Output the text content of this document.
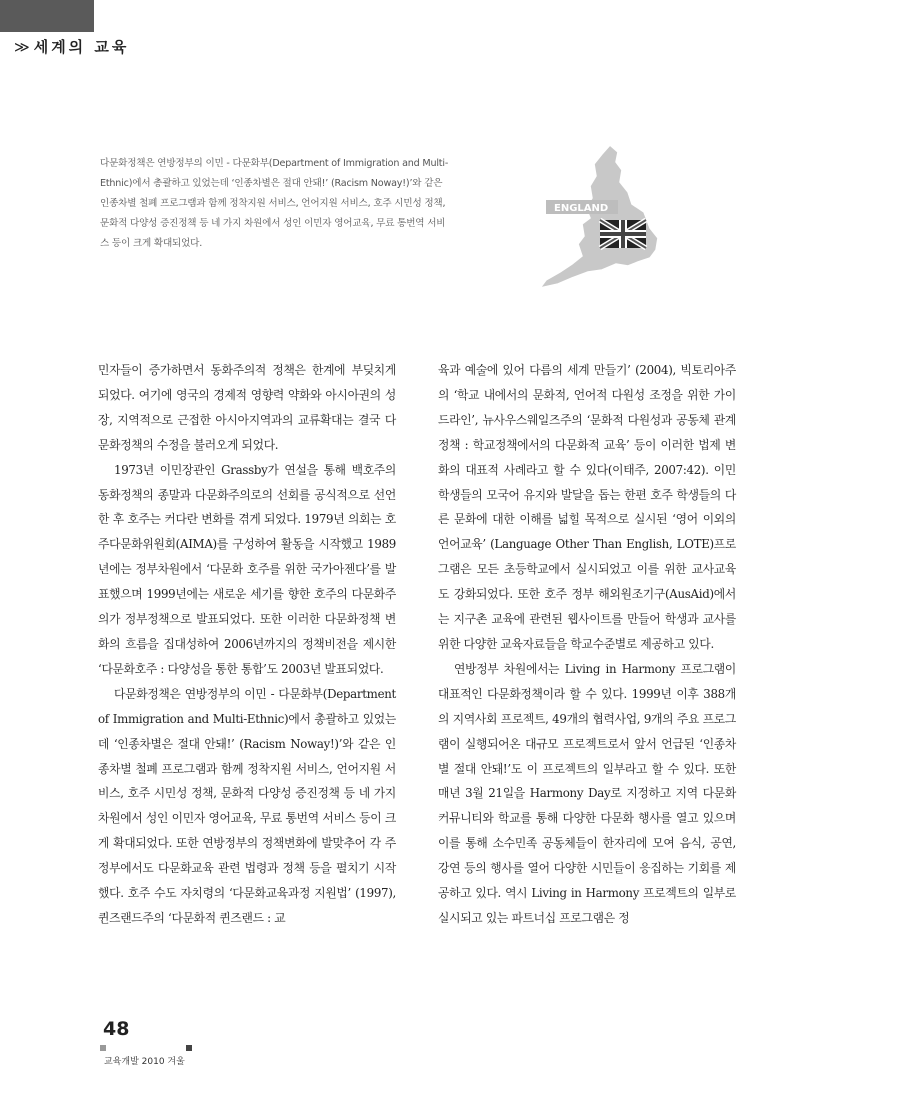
≫ 세계의 교육
다문화정책은 연방정부의 이민 - 다문화부(Department of Immigration and Multi-Ethnic)에서 총괄하고 있었는데 ‘인종차별은 절대 안돼!’ (Racism Noway!)’와 같은 인종차별 철폐 프로그램과 함께 정착지원 서비스, 언어지원 서비스, 호주 시민성 정책, 문화적 다양성 증진정책 등 네 가지 차원에서 성인 이민자 영어교육, 무료 통번역 서비스 등이 크게 확대되었다.
ENGLAND

민자들이 증가하면서 동화주의적 정책은 한계에 부딪치게 되었다. 여기에 영국의 경제적 영향력 약화와 아시아권의 성장, 지역적으로 근접한 아시아지역과의 교류확대는 결국 다문화정책의 수정을 불러오게 되었다.

1973년 이민장관인 Grassby가 연설을 통해 백호주의 동화정책의 종말과 다문화주의로의 선회를 공식적으로 선언한 후 호주는 커다란 변화를 겪게 되었다. 1979년 의회는 호주다문화위원회(AIMA)를 구성하여 활동을 시작했고 1989년에는 정부차원에서 ‘다문화 호주를 위한 국가아젠다’를 발표했으며 1999년에는 새로운 세기를 향한 호주의 다문화주의가 정부정책으로 발표되었다. 또한 이러한 다문화정책 변화의 흐름을 집대성하여 2006년까지의 정책비전을 제시한 ‘다문화호주 : 다양성을 통한 통합’도 2003년 발표되었다.

다문화정책은 연방정부의 이민 - 다문화부(Department of Immigration and Multi-Ethnic)에서 총괄하고 있었는데 ‘인종차별은 절대 안돼!’ (Racism Noway!)’와 같은 인종차별 철폐 프로그램과 함께 정착지원 서비스, 언어지원 서비스, 호주 시민성 정책, 문화적 다양성 증진정책 등 네 가지 차원에서 성인 이민자 영어교육, 무료 통번역 서비스 등이 크게 확대되었다. 또한 연방정부의 정책변화에 발맞추어 각 주정부에서도 다문화교육 관련 법령과 정책 등을 펼치기 시작했다. 호주 수도 자치령의 ‘다문화교육과정 지원법’ (1997), 퀸즈랜드주의 ‘다문화적 퀸즈랜드 : 교

육과 예술에 있어 다름의 세계 만들기’ (2004), 빅토리아주의 ‘학교 내에서의 문화적, 언어적 다원성 조정을 위한 가이드라인’, 뉴사우스웨일즈주의 ‘문화적 다원성과 공동체 관계 정책 : 학교정책에서의 다문화적 교육’ 등이 이러한 법제 변화의 대표적 사례라고 할 수 있다(이태주, 2007:42). 이민 학생들의 모국어 유지와 발달을 돕는 한편 호주 학생들의 다른 문화에 대한 이해를 넓힐 목적으로 실시된 ‘영어 이외의 언어교육’ (Language Other Than English, LOTE)프로그램은 모든 초등학교에서 실시되었고 이를 위한 교사교육도 강화되었다. 또한 호주 정부 해외원조기구(AusAid)에서는 지구촌 교육에 관련된 웹사이트를 만들어 학생과 교사를 위한 다양한 교육자료들을 학교수준별로 제공하고 있다.

연방정부 차원에서는 Living in Harmony 프로그램이 대표적인 다문화정책이라 할 수 있다. 1999년 이후 388개의 지역사회 프로젝트, 49개의 협력사업, 9개의 주요 프로그램이 실행되어온 대규모 프로젝트로서 앞서 언급된 ‘인종차별 절대 안돼!’도 이 프로젝트의 일부라고 할 수 있다. 또한 매년 3월 21일을 Harmony Day로 지정하고 지역 다문화 커뮤니티와 학교를 통해 다양한 다문화 행사를 열고 있으며 이를 통해 소수민족 공동체들이 한자리에 모여 음식, 공연, 강연 등의 행사를 열어 다양한 시민들이 응집하는 기회를 제공하고 있다. 역시 Living in Harmony 프로젝트의 일부로 실시되고 있는 파트너십 프로그램은 정

48
교육개발 2010 겨울
